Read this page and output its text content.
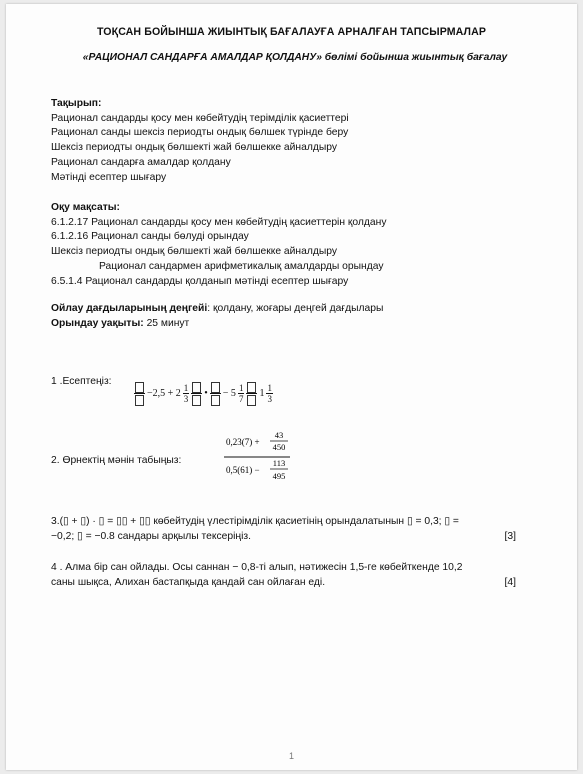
ТОҚСАН БОЙЫНША ЖИЫНТЫҚ БАҒАЛАУҒА АРНАЛҒАН ТАПСЫРМАЛАР
«РАЦИОНАЛ САНДАРҒА АМАЛДАР ҚОЛДАНУ» бөлімі бойынша жиынтық бағалау
Тақырып:
Рационал сандарды қосу мен көбейтудің терімділік қасиеттері
Рационал санды шексіз периодты ондық бөлшек түрінде беру
Шексіз периодты ондық бөлшекті жай бөлшекке айналдыру
Рационал сандарға амалдар қолдану
Мәтінді есептер шығару
Оқу мақсаты:
6.1.2.17 Рационал сандарды қосу мен көбейтудің қасиеттерін қолдану
6.1.2.16 Рационал санды бөлуді орындау
Шексіз периодты ондық бөлшекті жай бөлшекке айналдыру
Рационал сандармен арифметикалық амалдарды орындау
6.5.1.4 Рационал сандарды қолданып мәтінді есептер шығару
Ойлау дағдыларының деңгейі: қолдану, жоғары деңгей дағдылары
Орындау уақыты: 25 минут
1 .Есептеңіз:
−2,5 + 2 1
3 • − 5 1
7 1 1
3
2. Өрнектің мәнін табыңыз:
0,23(7) +
43
450
0,5(61) −
113
495
3.(▯ + ▯) · ▯ = ▯▯ + ▯▯ көбейтудің үлестірімділік қасиетінің орындалатынын ▯ = 0,3; ▯ =
−0,2; ▯ = −0.8 сандары арқылы тексеріңіз.	[3]
4 . Алма бір сан ойлады. Осы саннан − 0,8-ті алып, нәтижесін 1,5-ге көбейткенде 10,2
саны шықса, Алихан бастапқыда қандай сан ойлаған еді.	[4]
1
